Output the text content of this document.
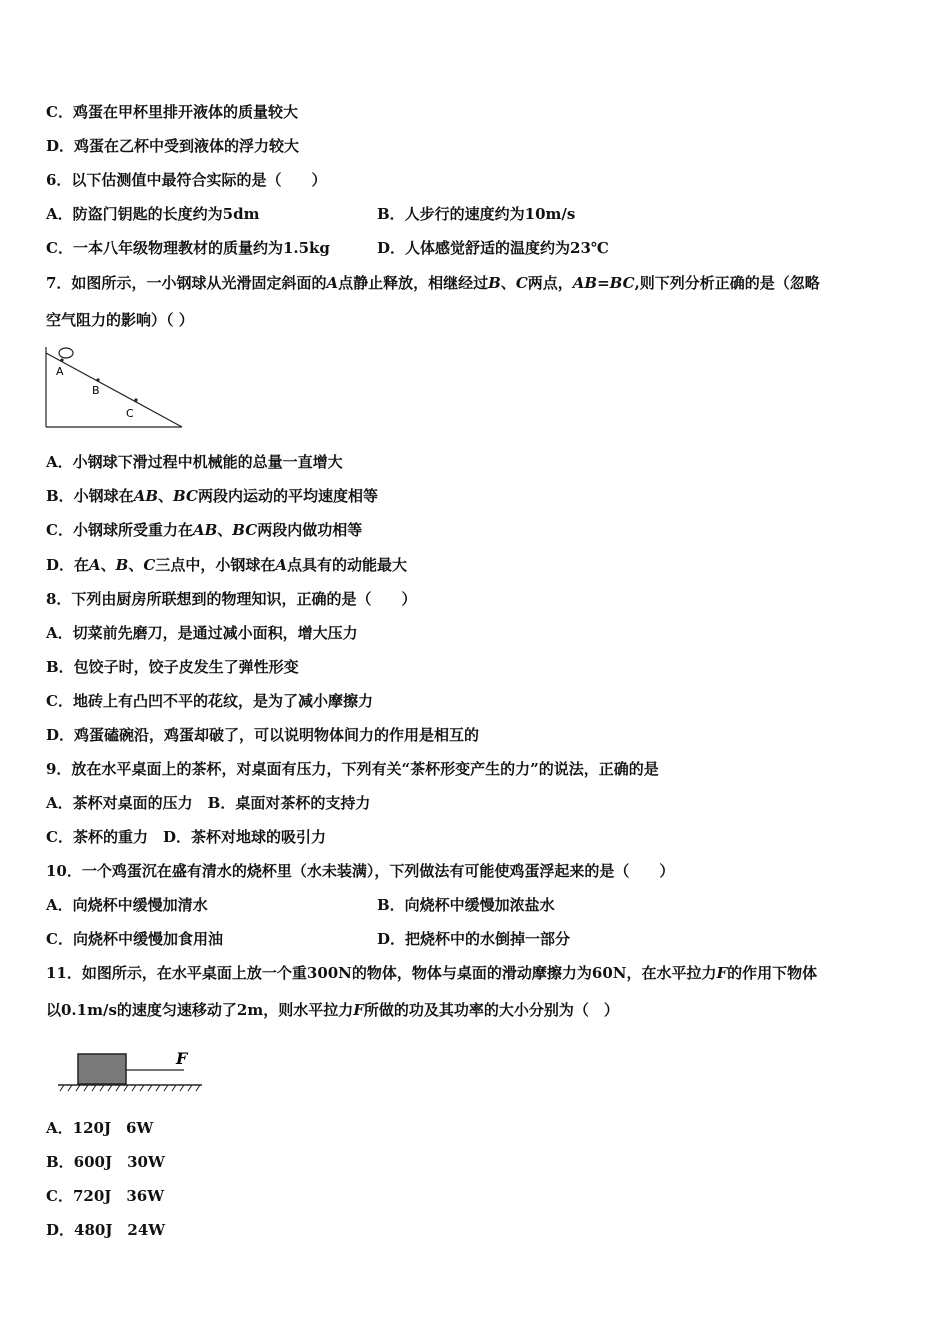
C．鸡蛋在甲杯里排开液体的质量较大
D．鸡蛋在乙杯中受到液体的浮力较大
6．以下估测值中最符合实际的是（　　）
A．防盗门钥匙的长度约为5dm	B．人步行的速度约为10m/s
C．一本八年级物理教材的质量约为1.5kg	D．人体感觉舒适的温度约为23℃
7．如图所示，一小钢球从光滑固定斜面的A点静止释放，相继经过B、C两点，AB=BC,则下列分析正确的是（忽略
空气阻力的影响）（ ）
A
B
C
A．小钢球下滑过程中机械能的总量一直增大
B．小钢球在AB、BC两段内运动的平均速度相等
C．小钢球所受重力在AB、BC两段内做功相等
D．在A、B、C三点中，小钢球在A点具有的动能最大
8．下列由厨房所联想到的物理知识，正确的是（　　）
A．切菜前先磨刀，是通过减小面积，增大压力
B．包饺子时，饺子皮发生了弹性形变
C．地砖上有凸凹不平的花纹，是为了减小摩擦力
D．鸡蛋磕碗沿，鸡蛋却破了，可以说明物体间力的作用是相互的
9．放在水平桌面上的茶杯，对桌面有压力，下列有关“茶杯形变产生的力”的说法，正确的是
A．茶杯对桌面的压力　B．桌面对茶杯的支持力
C．茶杯的重力　D．茶杯对地球的吸引力
10．一个鸡蛋沉在盛有清水的烧杯里（水未装满），下列做法有可能使鸡蛋浮起来的是（　　）
A．向烧杯中缓慢加清水	B．向烧杯中缓慢加浓盐水
C．向烧杯中缓慢加食用油	D．把烧杯中的水倒掉一部分
11．如图所示，在水平桌面上放一个重300N的物体，物体与桌面的滑动摩擦力为60N，在水平拉力F的作用下物体
以0.1m/s的速度匀速移动了2m，则水平拉力F所做的功及其功率的大小分别为（　）
F
A．120J　6W
B．600J　30W
C．720J　36W
D．480J　24W
